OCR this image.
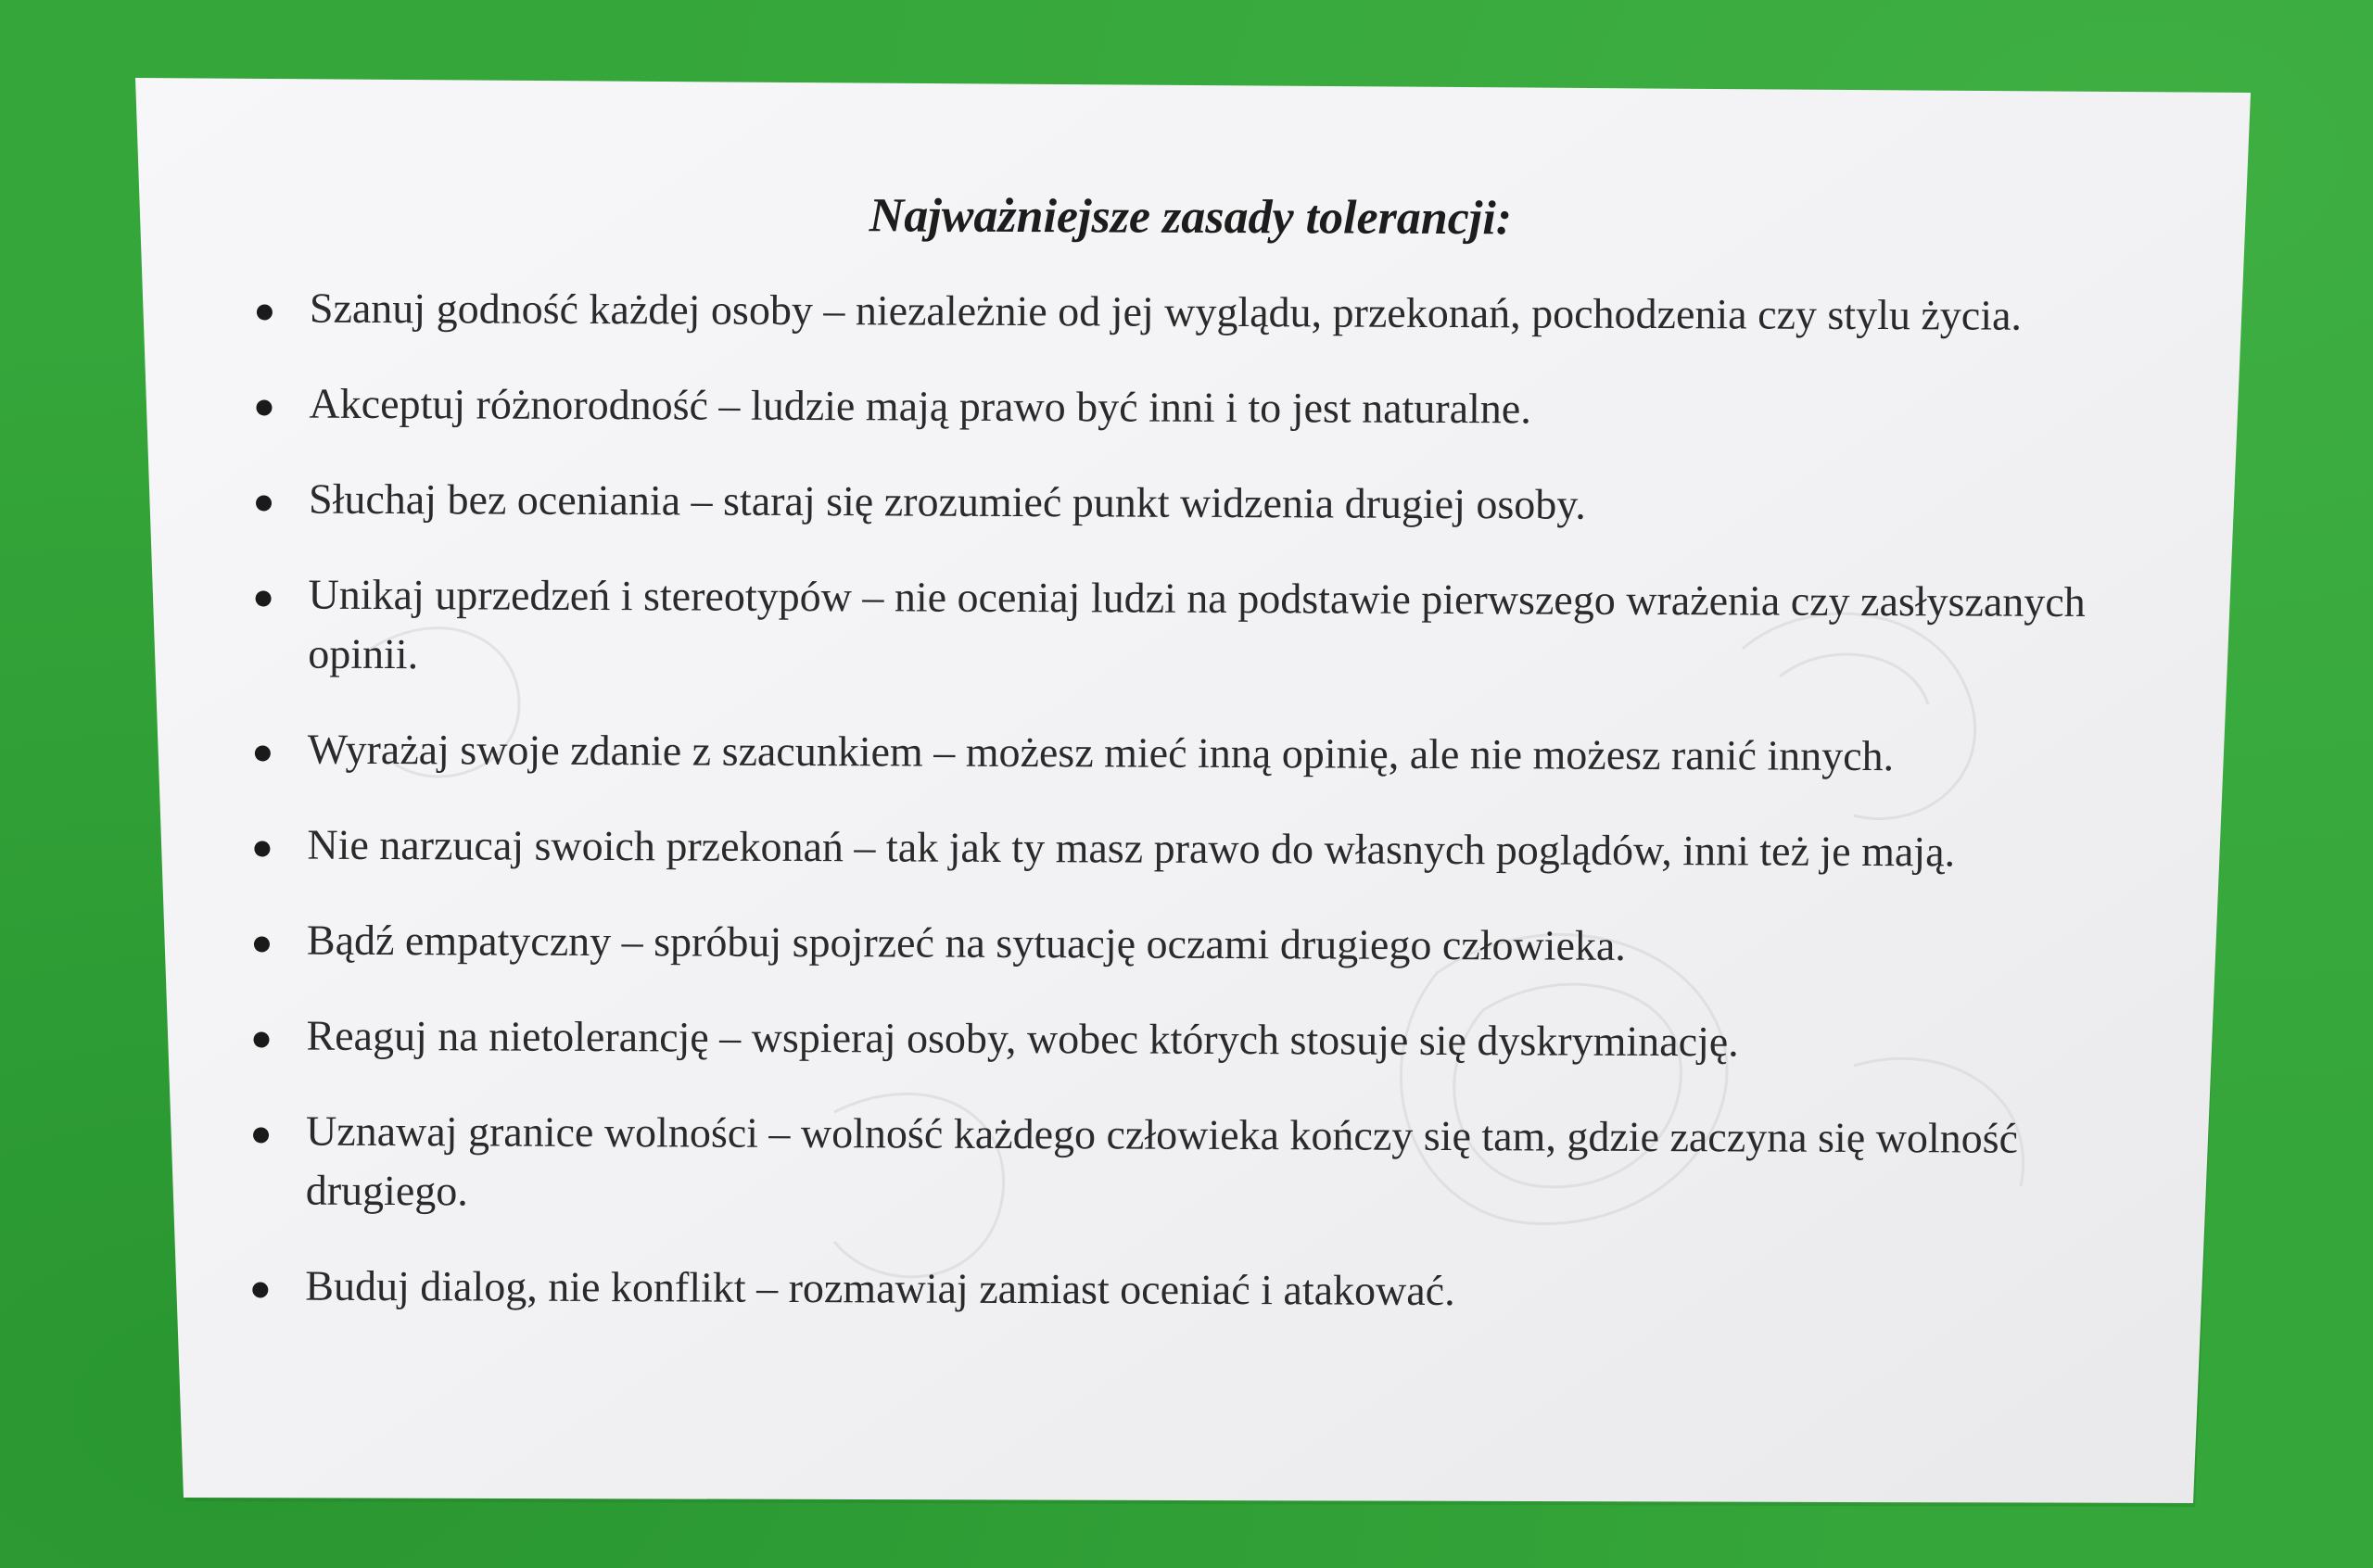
Najważniejsze zasady tolerancji:
Szanuj godność każdej osoby – niezależnie od jej wyglądu, przekonań, pochodzenia czy stylu życia.
Akceptuj różnorodność – ludzie mają prawo być inni i to jest naturalne.
Słuchaj bez oceniania – staraj się zrozumieć punkt widzenia drugiej osoby.
Unikaj uprzedzeń i stereotypów – nie oceniaj ludzi na podstawie pierwszego wrażenia czy zasłyszanych opinii.
Wyrażaj swoje zdanie z szacunkiem – możesz mieć inną opinię, ale nie możesz ranić innych.
Nie narzucaj swoich przekonań – tak jak ty masz prawo do własnych poglądów, inni też je mają.
Bądź empatyczny – spróbuj spojrzeć na sytuację oczami drugiego człowieka.
Reaguj na nietolerancję – wspieraj osoby, wobec których stosuje się dyskryminację.
Uznawaj granice wolności – wolność każdego człowieka kończy się tam, gdzie zaczyna się wolność drugiego.
Buduj dialog, nie konflikt – rozmawiaj zamiast oceniać i atakować.
